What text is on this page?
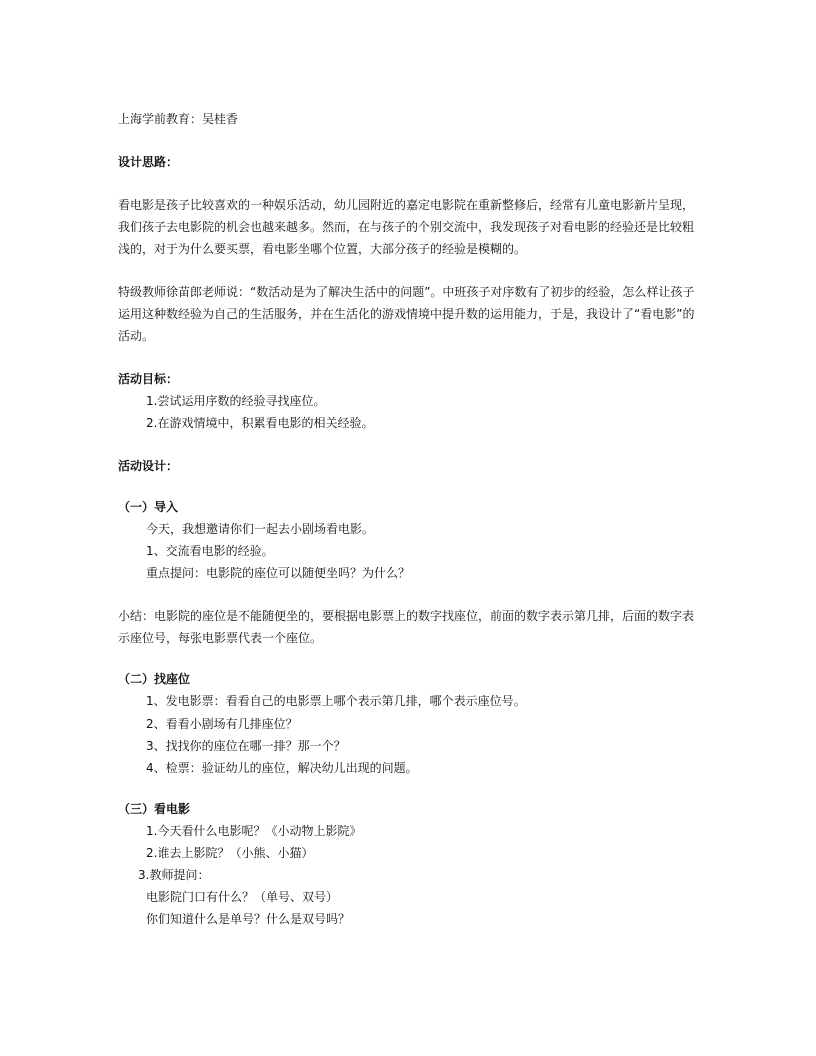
上海学前教育：吴桂香
设计思路：
看电影是孩子比较喜欢的一种娱乐活动，幼儿园附近的嘉定电影院在重新整修后，经常有儿童电影新片呈现，
我们孩子去电影院的机会也越来越多。然而，在与孩子的个别交流中，我发现孩子对看电影的经验还是比较粗
浅的，对于为什么要买票，看电影坐哪个位置，大部分孩子的经验是模糊的。
特级教师徐苗郎老师说：“数活动是为了解决生活中的问题”。中班孩子对序数有了初步的经验，怎么样让孩子
运用这种数经验为自己的生活服务，并在生活化的游戏情境中提升数的运用能力，于是，我设计了“看电影”的
活动。
活动目标：
1.尝试运用序数的经验寻找座位。
2.在游戏情境中，积累看电影的相关经验。
活动设计：
（一）导入
今天，我想邀请你们一起去小剧场看电影。
1、交流看电影的经验。
重点提问：电影院的座位可以随便坐吗？为什么？
小结：电影院的座位是不能随便坐的，要根据电影票上的数字找座位，前面的数字表示第几排，后面的数字表
示座位号，每张电影票代表一个座位。
（二）找座位
1、发电影票：看看自己的电影票上哪个表示第几排，哪个表示座位号。
2、看看小剧场有几排座位？
3、找找你的座位在哪一排？那一个？
4、检票：验证幼儿的座位，解决幼儿出现的问题。
（三）看电影
1.今天看什么电影呢？《小动物上影院》
2.谁去上影院？（小熊、小猫）
3.教师提问：
电影院门口有什么？（单号、双号）
你们知道什么是单号？什么是双号吗？
